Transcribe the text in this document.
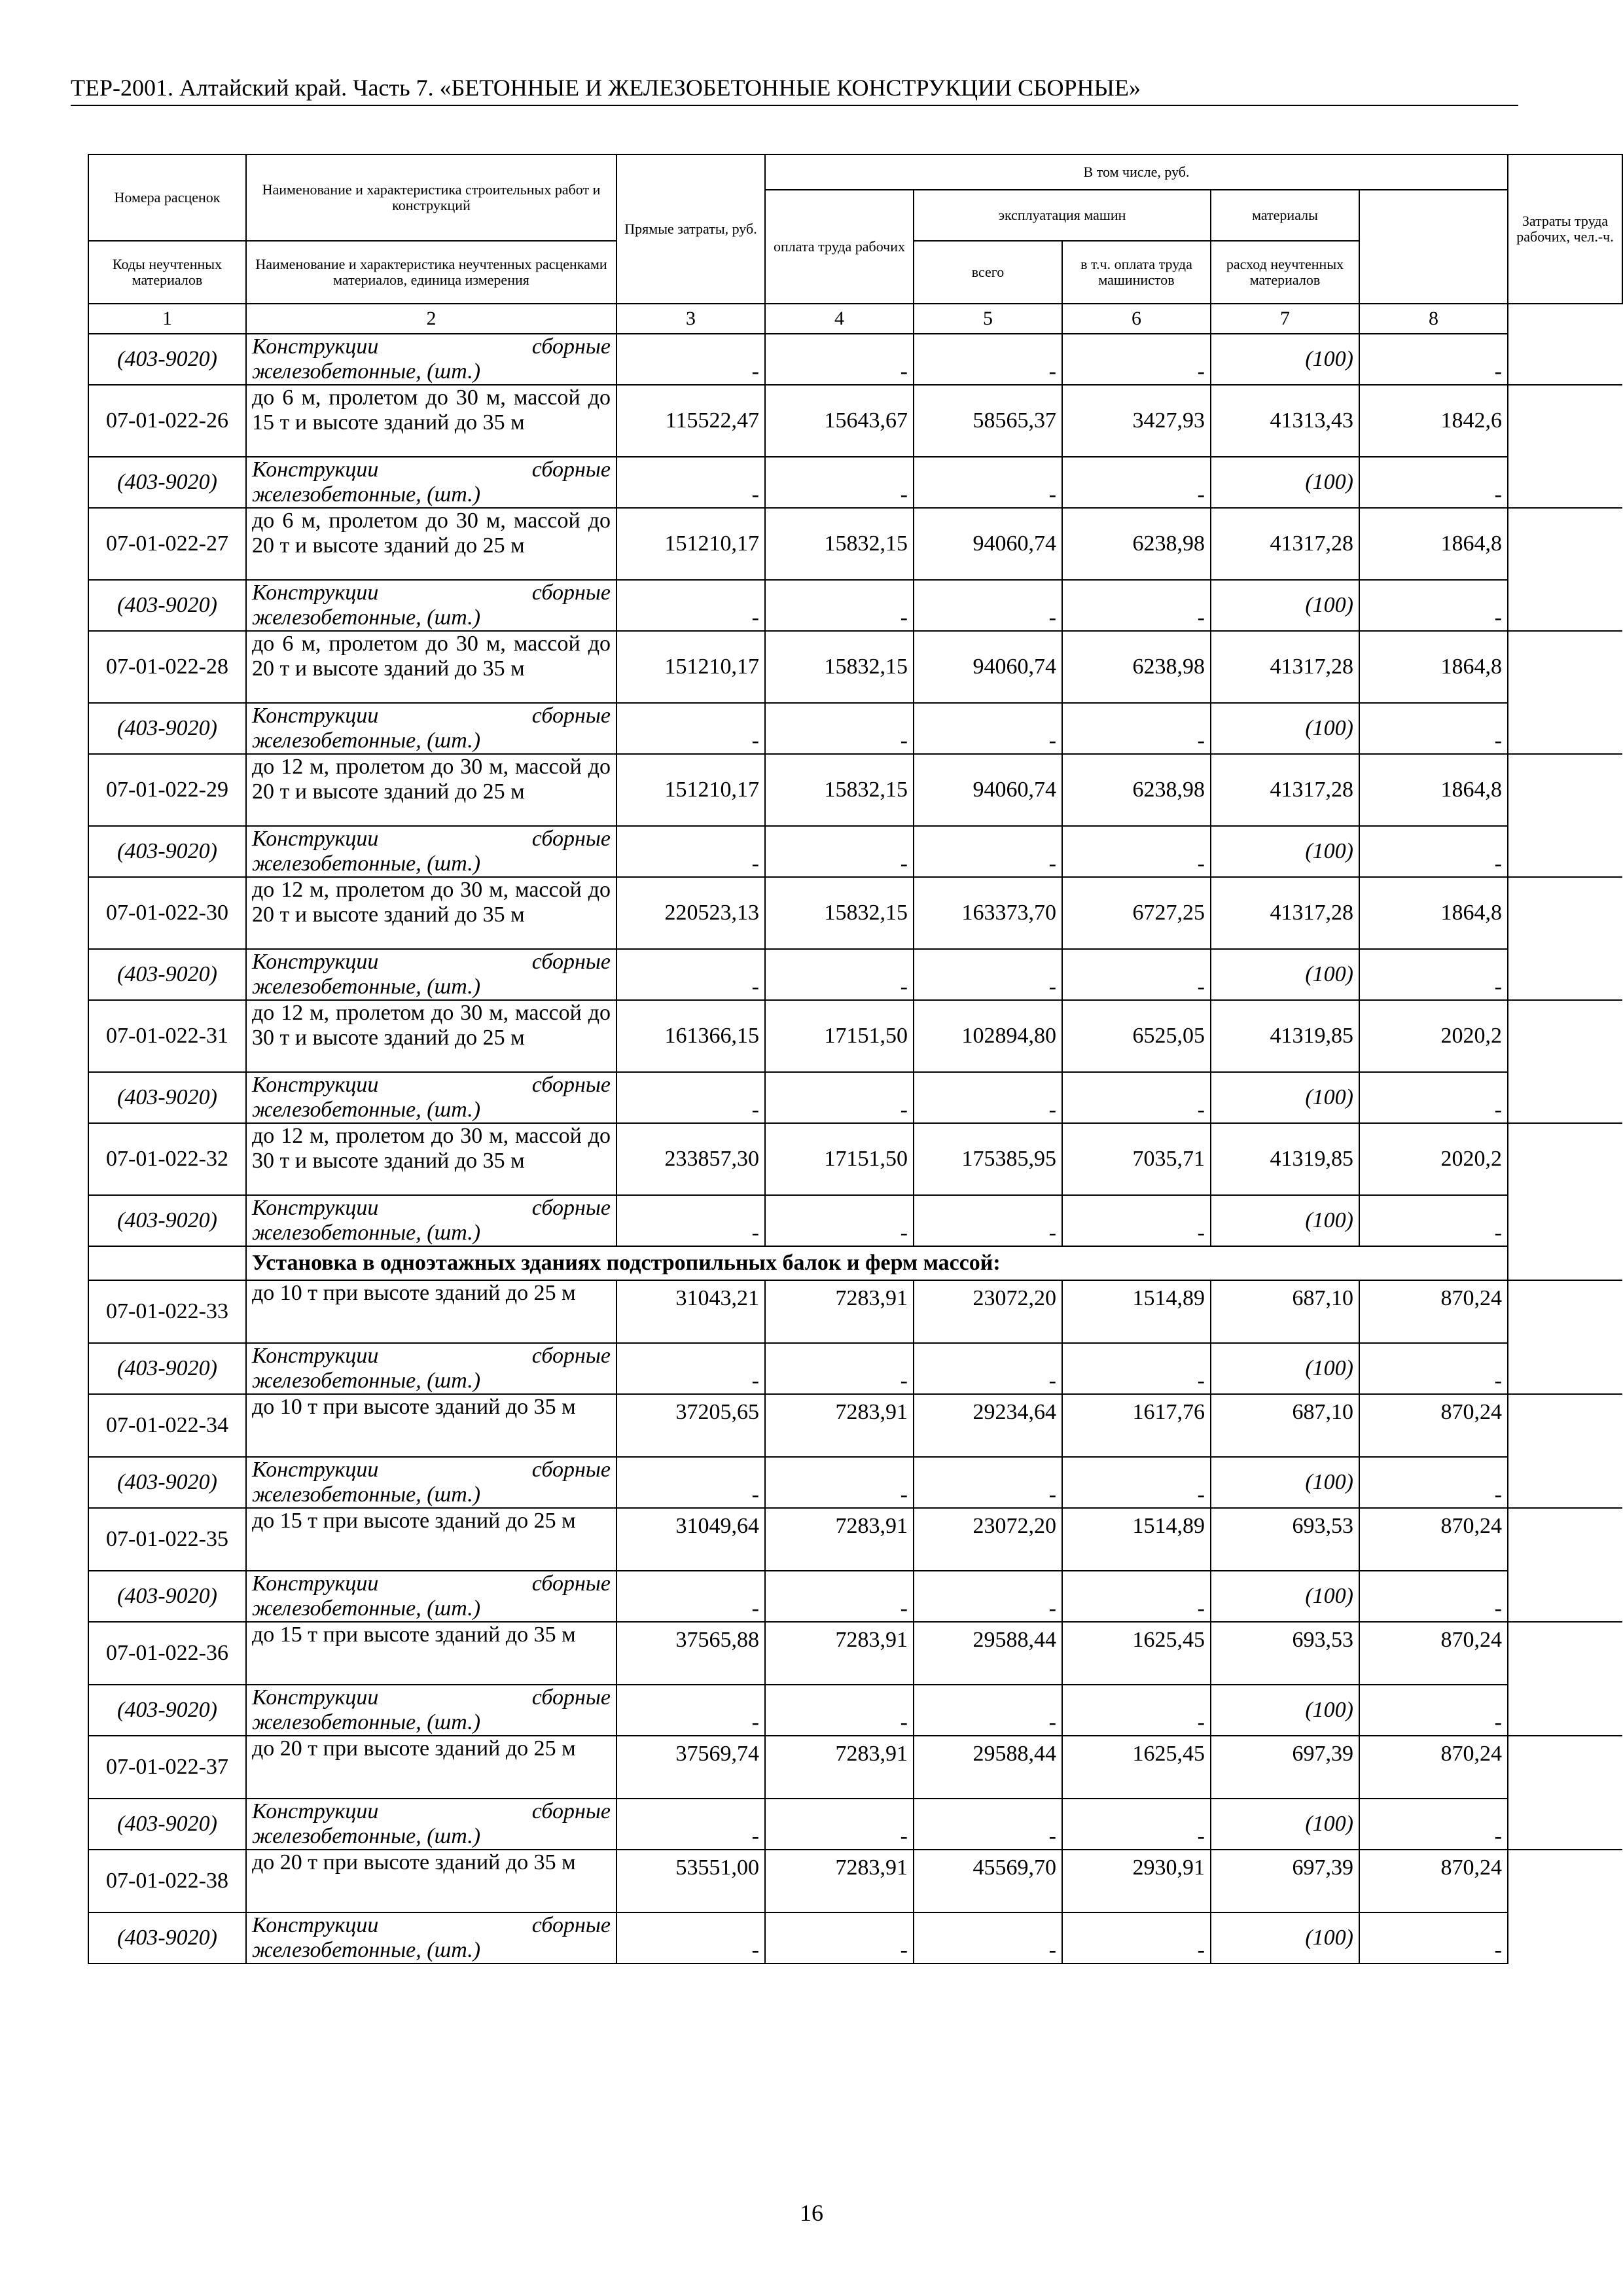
ТЕР-2001. Алтайский край. Часть 7. «БЕТОННЫЕ И ЖЕЛЕЗОБЕТОННЫЕ КОНСТРУКЦИИ СБОРНЫЕ»
Номера расценок	Наименование и характеристика строительных работ и конструкций	Прямые затраты, руб.	В том числе, руб.					Затраты труда рабочих, чел.-ч.
			оплата труда рабочих	эксплуатация машин		материалы		
Коды неучтенных материалов	Наименование и характеристика неучтенных расценками материалов, единица измерения			всего	в т.ч. оплата труда машинистов	расход неучтенных материалов		
1	2	3	4	5	6	7	8	
(403-9020)	Конструкции сборные железобетонные, (шт.)	-	-	-	-	(100)	-	
07-01-022-26	до 6 м, пролетом до 30 м, массой до 15 т и высоте зданий до 35 м	115522,47	15643,67	58565,37	3427,93	41313,43	1842,6	
(403-9020)	Конструкции сборные железобетонные, (шт.)	-	-	-	-	(100)	-	
07-01-022-27	до 6 м, пролетом до 30 м, массой до 20 т и высоте зданий до 25 м	151210,17	15832,15	94060,74	6238,98	41317,28	1864,8	
(403-9020)	Конструкции сборные железобетонные, (шт.)	-	-	-	-	(100)	-	
07-01-022-28	до 6 м, пролетом до 30 м, массой до 20 т и высоте зданий до 35 м	151210,17	15832,15	94060,74	6238,98	41317,28	1864,8	
(403-9020)	Конструкции сборные железобетонные, (шт.)	-	-	-	-	(100)	-	
07-01-022-29	до 12 м, пролетом до 30 м, массой до 20 т и высоте зданий до 25 м	151210,17	15832,15	94060,74	6238,98	41317,28	1864,8	
(403-9020)	Конструкции сборные железобетонные, (шт.)	-	-	-	-	(100)	-	
07-01-022-30	до 12 м, пролетом до 30 м, массой до 20 т и высоте зданий до 35 м	220523,13	15832,15	163373,70	6727,25	41317,28	1864,8	
(403-9020)	Конструкции сборные железобетонные, (шт.)	-	-	-	-	(100)	-	
07-01-022-31	до 12 м, пролетом до 30 м, массой до 30 т и высоте зданий до 25 м	161366,15	17151,50	102894,80	6525,05	41319,85	2020,2	
(403-9020)	Конструкции сборные железобетонные, (шт.)	-	-	-	-	(100)	-	
07-01-022-32	до 12 м, пролетом до 30 м, массой до 30 т и высоте зданий до 35 м	233857,30	17151,50	175385,95	7035,71	41319,85	2020,2	
(403-9020)	Конструкции сборные железобетонные, (шт.)	-	-	-	-	(100)	-	
	Установка в одноэтажных зданиях подстропильных балок и ферм массой:							
07-01-022-33	до 10 т при высоте зданий до 25 м	31043,21	7283,91	23072,20	1514,89	687,10	870,24	
(403-9020)	Конструкции сборные железобетонные, (шт.)	-	-	-	-	(100)	-	
07-01-022-34	до 10 т при высоте зданий до 35 м	37205,65	7283,91	29234,64	1617,76	687,10	870,24	
(403-9020)	Конструкции сборные железобетонные, (шт.)	-	-	-	-	(100)	-	
07-01-022-35	до 15 т при высоте зданий до 25 м	31049,64	7283,91	23072,20	1514,89	693,53	870,24	
(403-9020)	Конструкции сборные железобетонные, (шт.)	-	-	-	-	(100)	-	
07-01-022-36	до 15 т при высоте зданий до 35 м	37565,88	7283,91	29588,44	1625,45	693,53	870,24	
(403-9020)	Конструкции сборные железобетонные, (шт.)	-	-	-	-	(100)	-	
07-01-022-37	до 20 т при высоте зданий до 25 м	37569,74	7283,91	29588,44	1625,45	697,39	870,24	
(403-9020)	Конструкции сборные железобетонные, (шт.)	-	-	-	-	(100)	-	
07-01-022-38	до 20 т при высоте зданий до 35 м	53551,00	7283,91	45569,70	2930,91	697,39	870,24	
(403-9020)	Конструкции сборные железобетонные, (шт.)	-	-	-	-	(100)	-	
16
